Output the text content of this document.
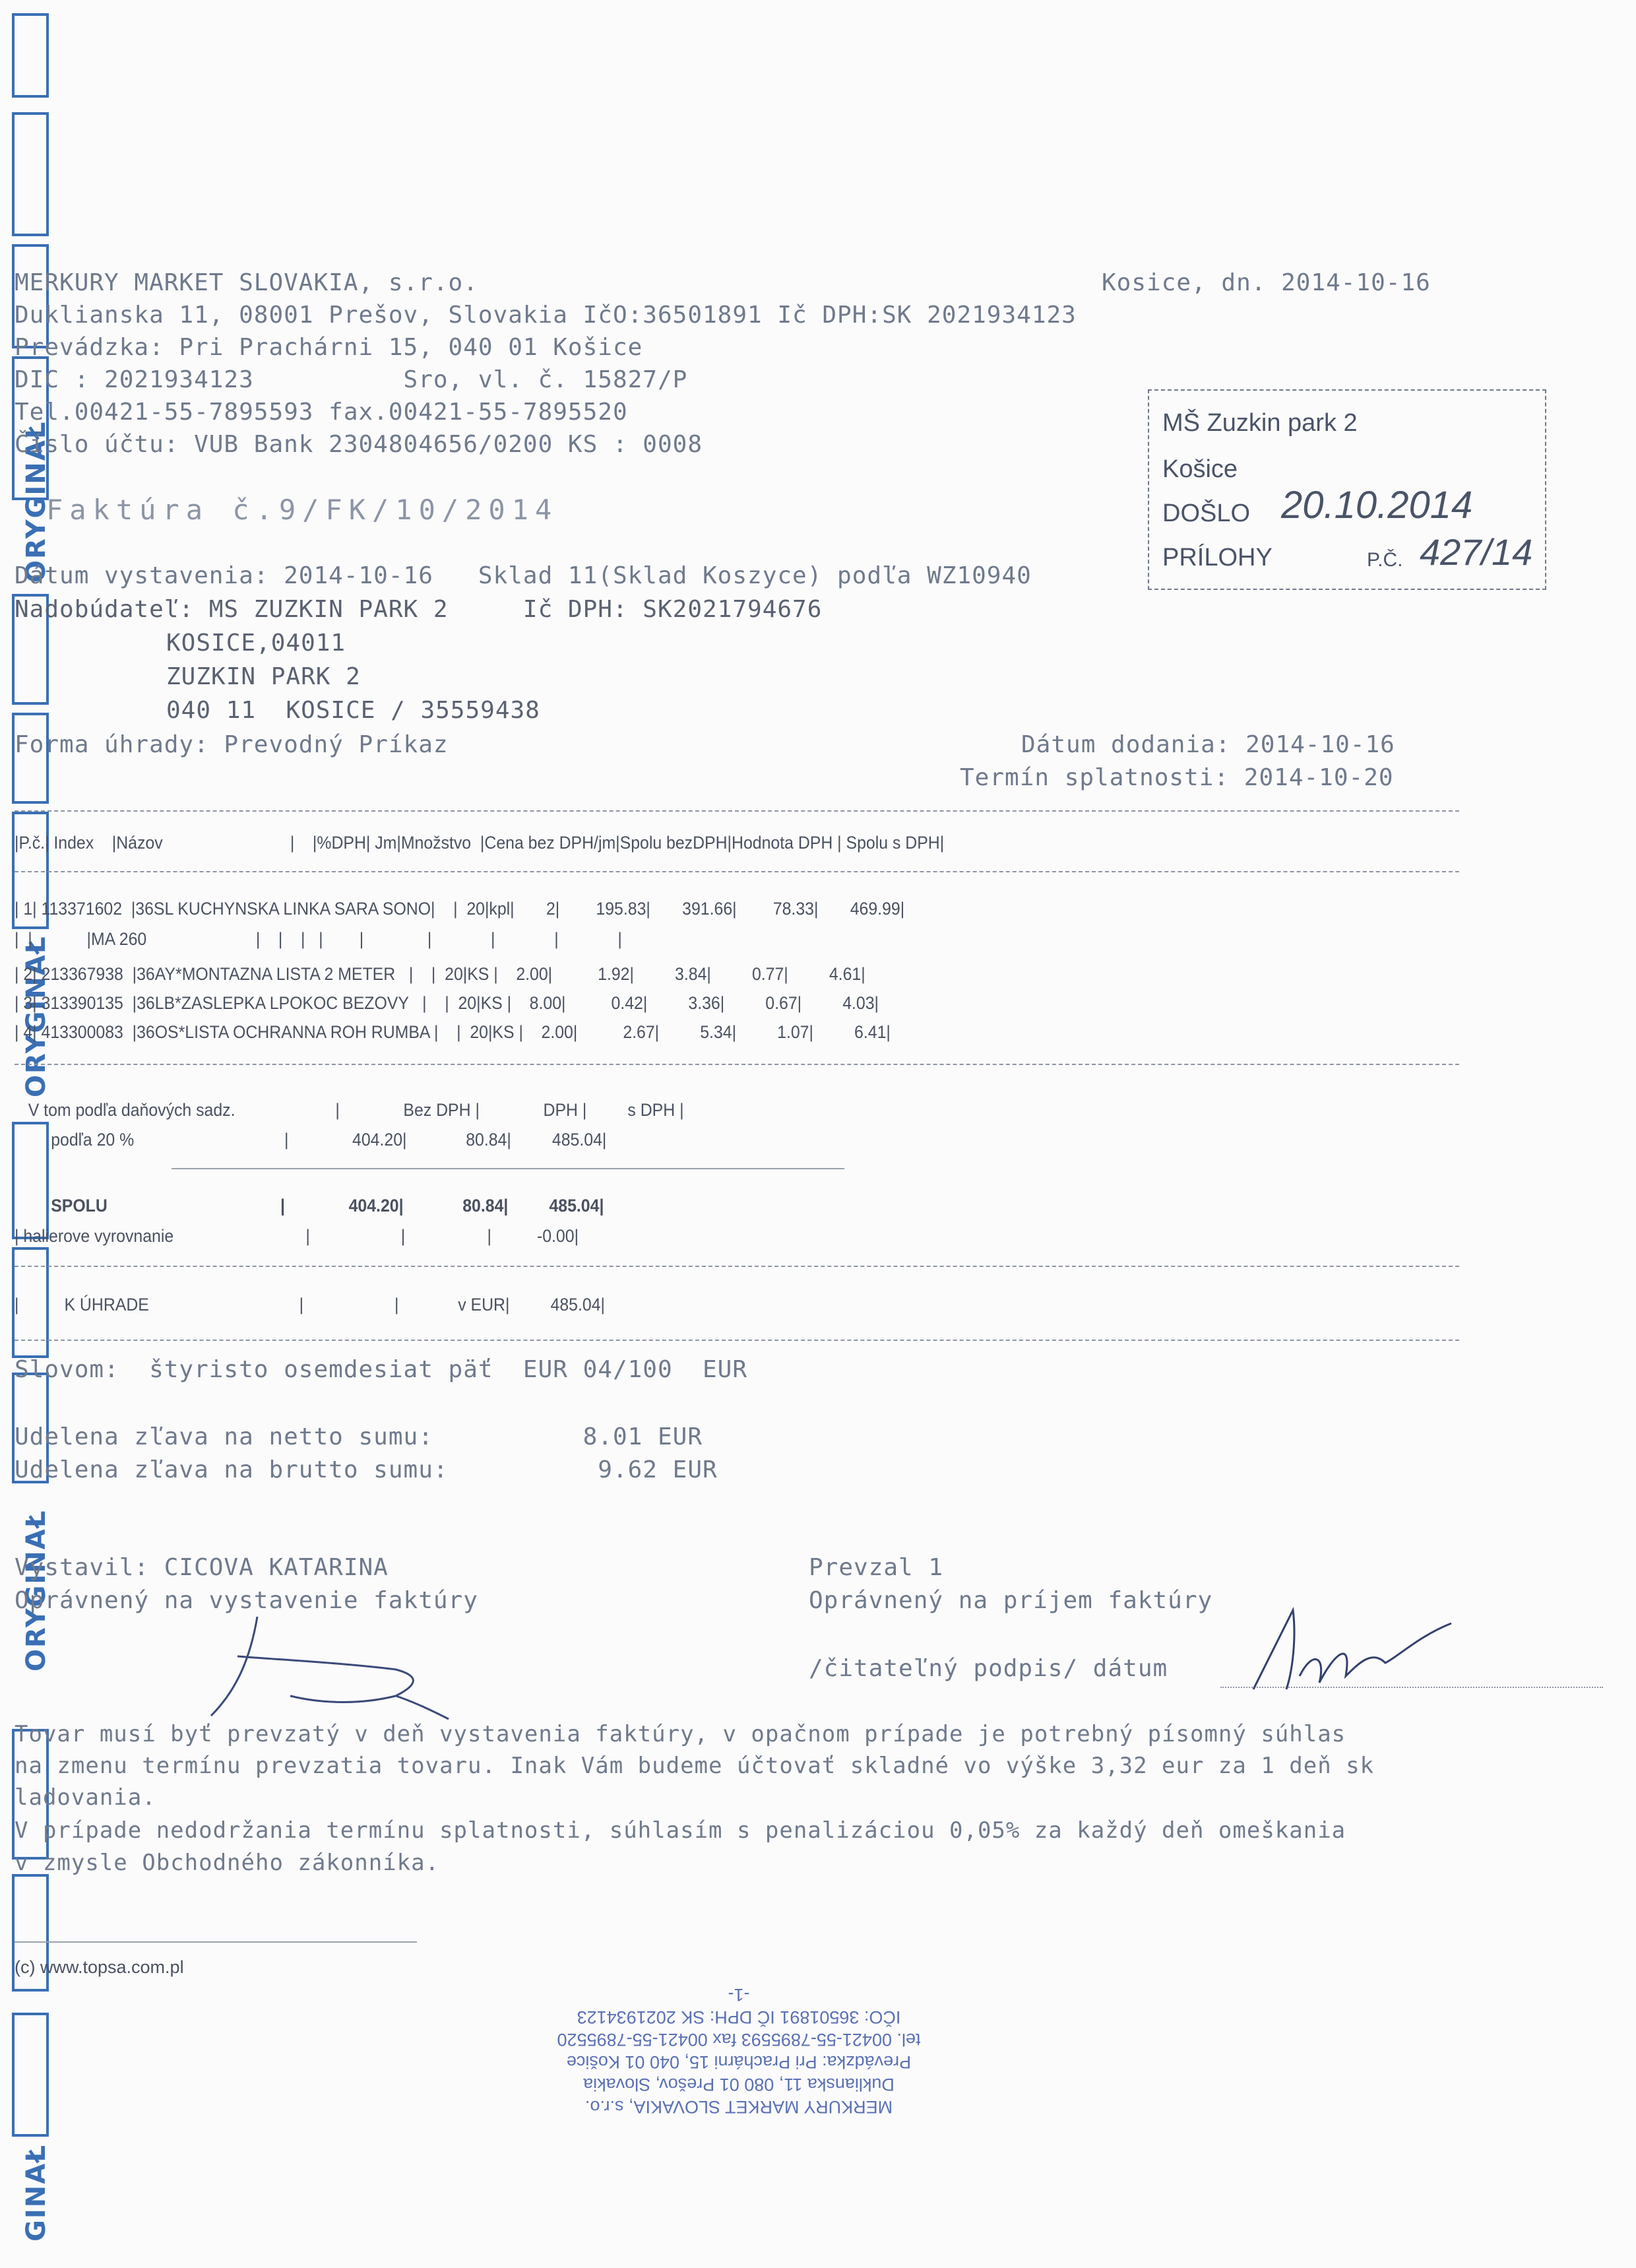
ORYGINAŁ
ORYGINAŁ
ORYGINAŁ
GINAŁ
MERKURY MARKET SLOVAKIA, s.r.o.
Duklianska 11, 08001 Prešov, Slovakia IčO:36501891 Ič DPH:SK 2021934123
Prevádzka: Pri Prachárni 15, 040 01 Košice
DIC : 2021934123          Sro, vl. č. 15827/P
Tel.00421-55-7895593 fax.00421-55-7895520
Číslo účtu: VUB Bank 2304804656/0200 KS : 0008
Kosice, dn. 2014-10-16
Faktúra č.9/FK/10/2014
Dátum vystavenia: 2014-10-16   Sklad 11(Sklad Koszyce) podľa WZ10940
MŠ Zuzkin park 2
Košice
DOŠLO 20.10.2014
PRÍLOHY	P.Č. 427/14
Nadobúdateľ: MS ZUZKIN PARK 2     Ič DPH: SK2021794676
KOSICE,04011
ZUZKIN PARK 2
040 11  KOSICE / 35559438
Forma úhrady: Prevodný Príkaz	Dátum dodania: 2014-10-16
Termín splatnosti: 2014-10-20
|P.č.| Index    |Názov                            |    |%DPH| Jm|Množstvo  |Cena bez DPH/jm|Spolu bezDPH|Hodnota DPH | Spolu s DPH|
| 1| 113371602  |36SL KUCHYNSKA LINKA SARA SONO|    |  20|kpl|       2|        195.83|       391.66|        78.33|       469.99|
|  |            |MA 260                        |    |    |   |        |              |             |             |             |
| 2| 213367938  |36AY*MONTAZNA LISTA 2 METER   |    |  20|KS |    2.00|          1.92|         3.84|         0.77|         4.61|
| 3| 313390135  |36LB*ZASLEPKA LPOKOC BEZOVY   |    |  20|KS |    8.00|          0.42|         3.36|         0.67|         4.03|
| 4| 413300083  |36OS*LISTA OCHRANNA ROH RUMBA |    |  20|KS |    2.00|          2.67|         5.34|         1.07|         6.41|
V tom podľa daňových sadz.                      |              Bez DPH |              DPH |         s DPH |
podľa 20 %                                 |              404.20|             80.84|         485.04|
SPOLU                                      |              404.20|             80.84|         485.04|
| halierove vyrovnanie                             |                    |                  |          -0.00|
|          K ÚHRADE                                 |                    |             v EUR|         485.04|
Slovom:  štyristo osemdesiat päť  EUR 04/100  EUR
Udelena zľava na netto sumu:          8.01 EUR
Udelena zľava na brutto sumu:          9.62 EUR
Vystavil: CICOVA KATARINA
Oprávnený na vystavenie faktúry
Prevzal 1
Oprávnený na príjem faktúry
/čitateľný podpis/ dátum
Tovar musí byť prevzatý v deň vystavenia faktúry, v opačnom prípade je potrebný písomný súhlas
na zmenu termínu prevzatia tovaru. Inak Vám budeme účtovať skladné vo výške 3,32 eur za 1 deň sk
ladovania.
V prípade nedodržania termínu splatnosti, súhlasím s penalizáciou 0,05% za každý deň omeškania
v zmysle Obchodného zákonníka.
(c) www.topsa.com.pl
MERKURY MARKET SLOVAKIA, s.r.o.
Duklianska 11, 080 01 Prešov, Slovakia
Prevádzka: Pri Prachárni 15, 040 01 Košice
tel. 00421-55-7895593 fax 00421-55-7895520
IČO: 36501891 IČ DPH: SK 2021934123
-1-
